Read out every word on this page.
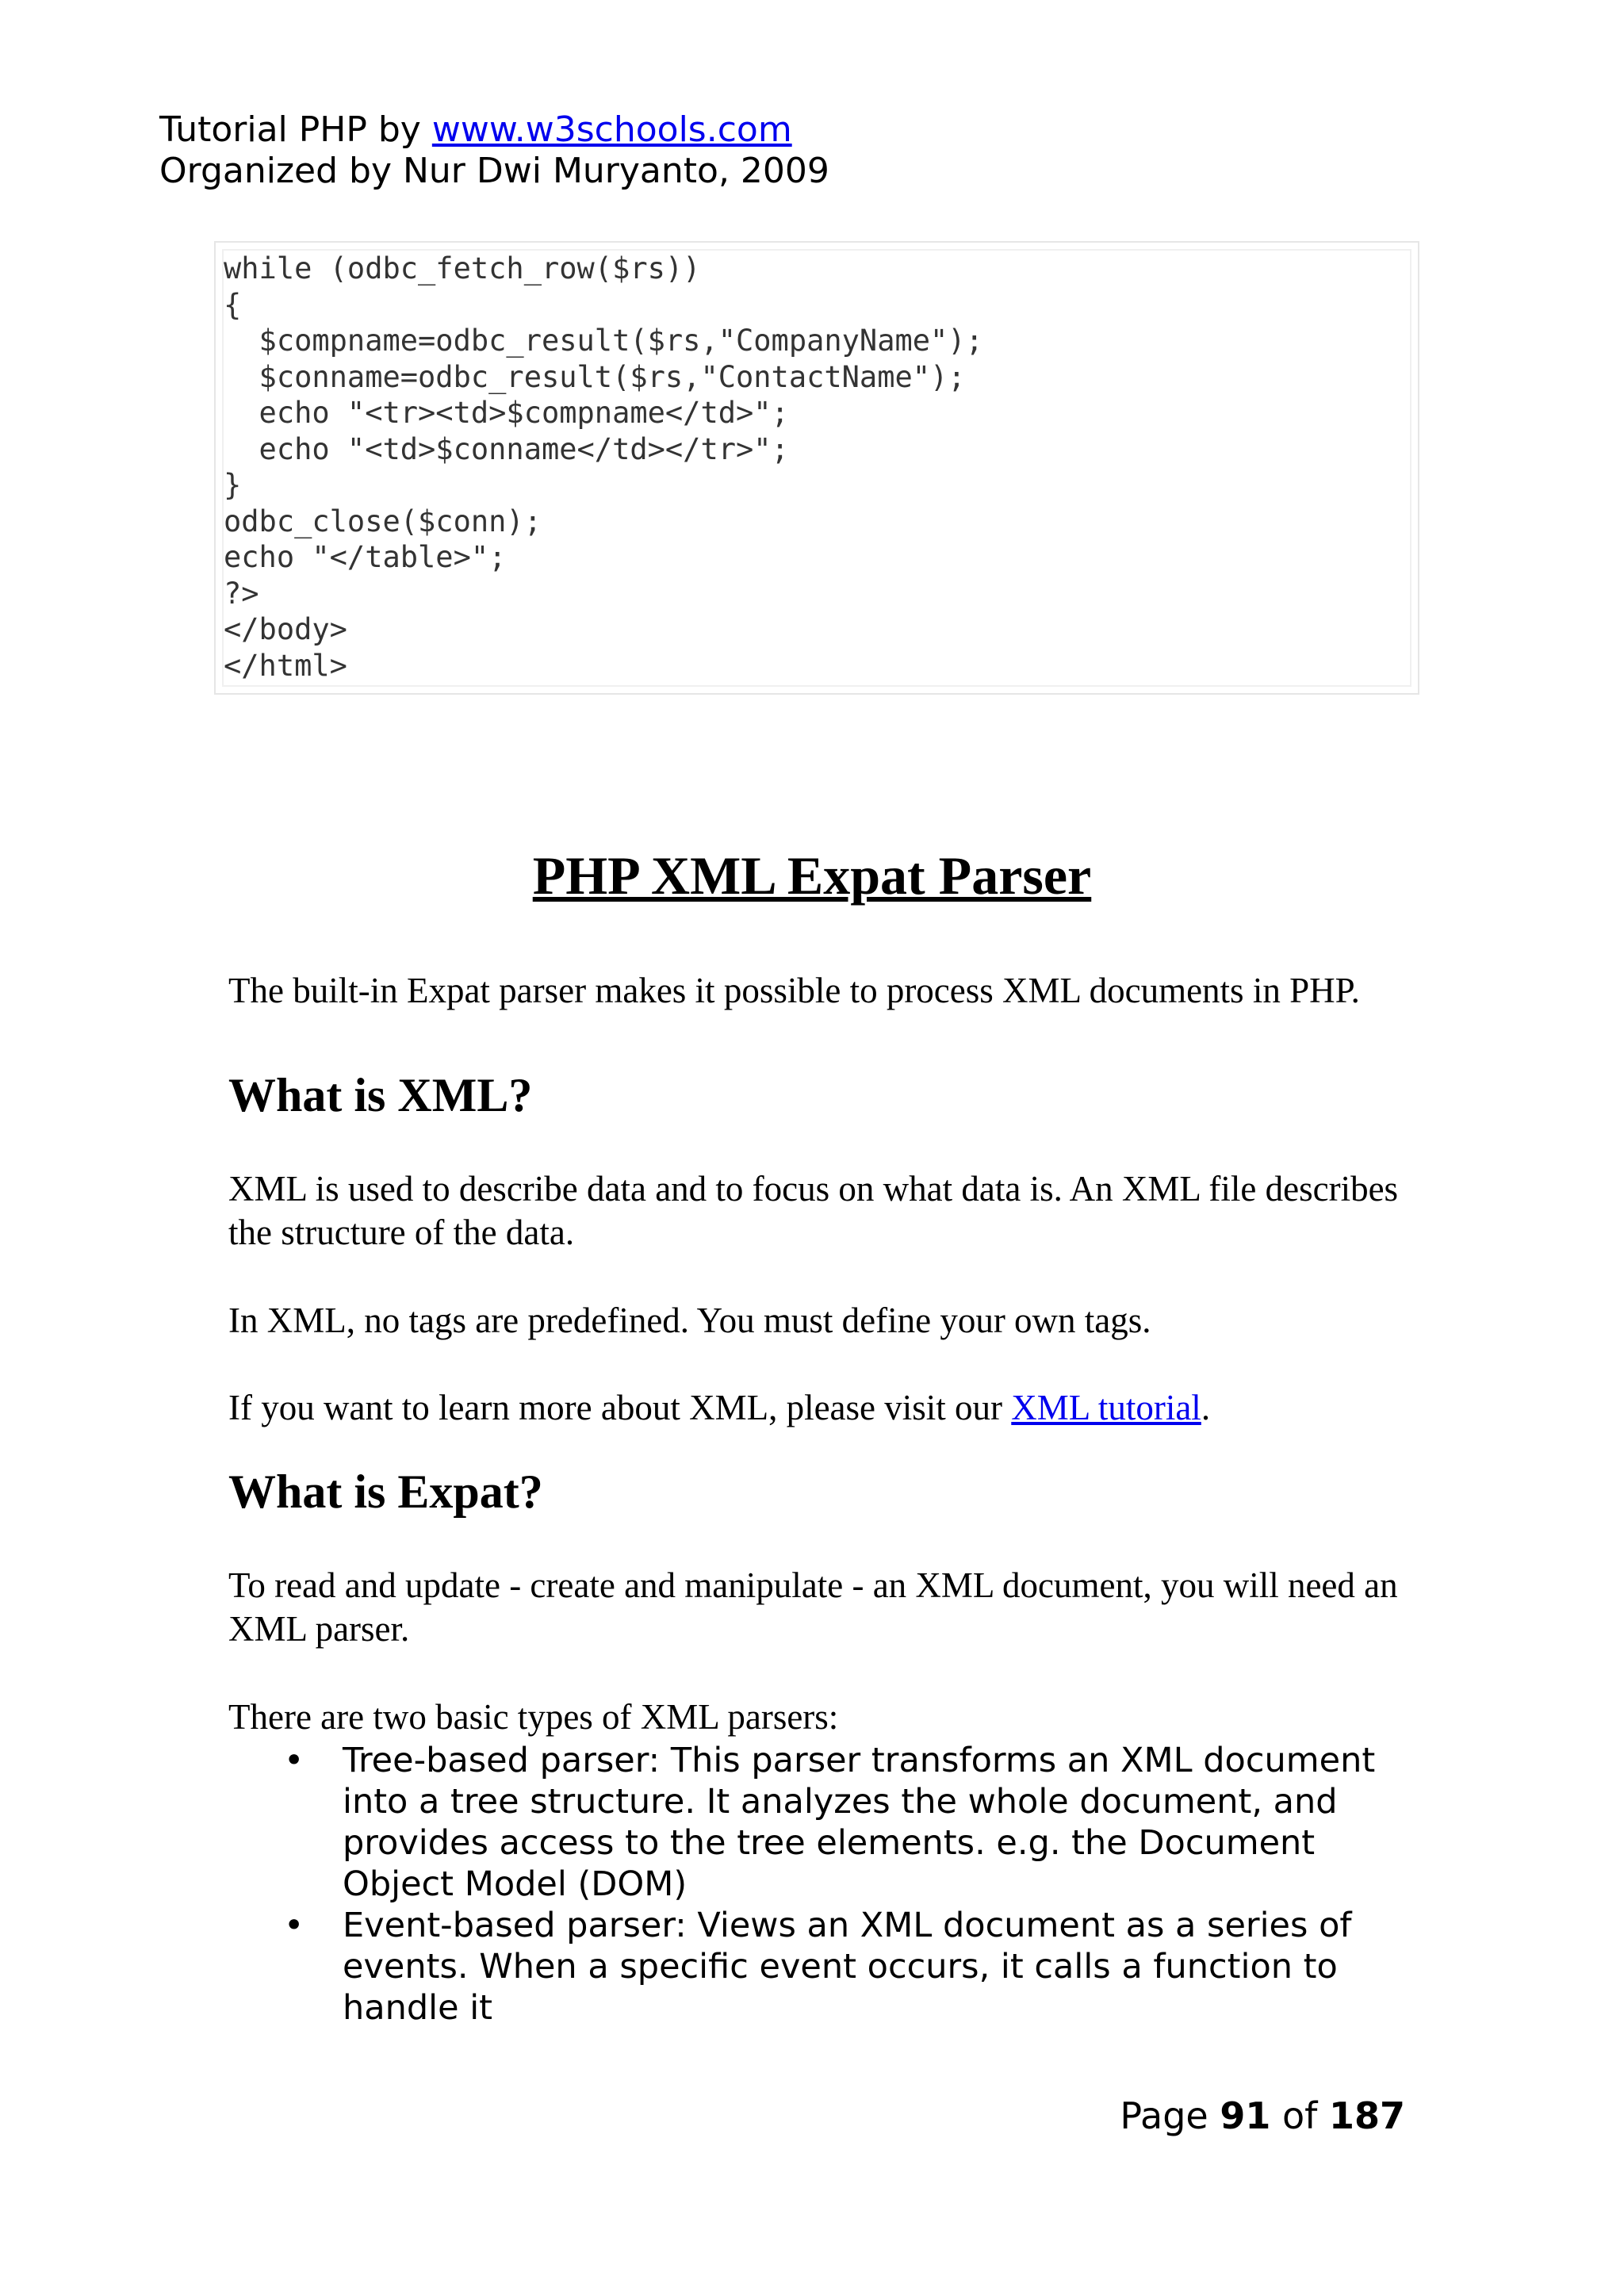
Tutorial PHP by www.w3schools.com
Organized by Nur Dwi Muryanto, 2009
while (odbc_fetch_row($rs))
{
$compname=odbc_result($rs,"CompanyName");
$conname=odbc_result($rs,"ContactName");
echo "<tr><td>$compname</td>";
echo "<td>$conname</td></tr>";
}
odbc_close($conn);
echo "</table>";
?>
</body>
</html>
PHP XML Expat Parser
The built-in Expat parser makes it possible to process XML documents in PHP.
What is XML?
XML is used to describe data and to focus on what data is. An XML file describes the structure of the data.
In XML, no tags are predefined. You must define your own tags.
If you want to learn more about XML, please visit our XML tutorial.
What is Expat?
To read and update - create and manipulate - an XML document, you will need an XML parser.
There are two basic types of XML parsers:
• Tree-based parser: This parser transforms an XML document into a tree structure. It analyzes the whole document, and provides access to the tree elements. e.g. the Document Object Model (DOM)
• Event-based parser: Views an XML document as a series of events. When a specific event occurs, it calls a function to handle it
Page 91 of 187
